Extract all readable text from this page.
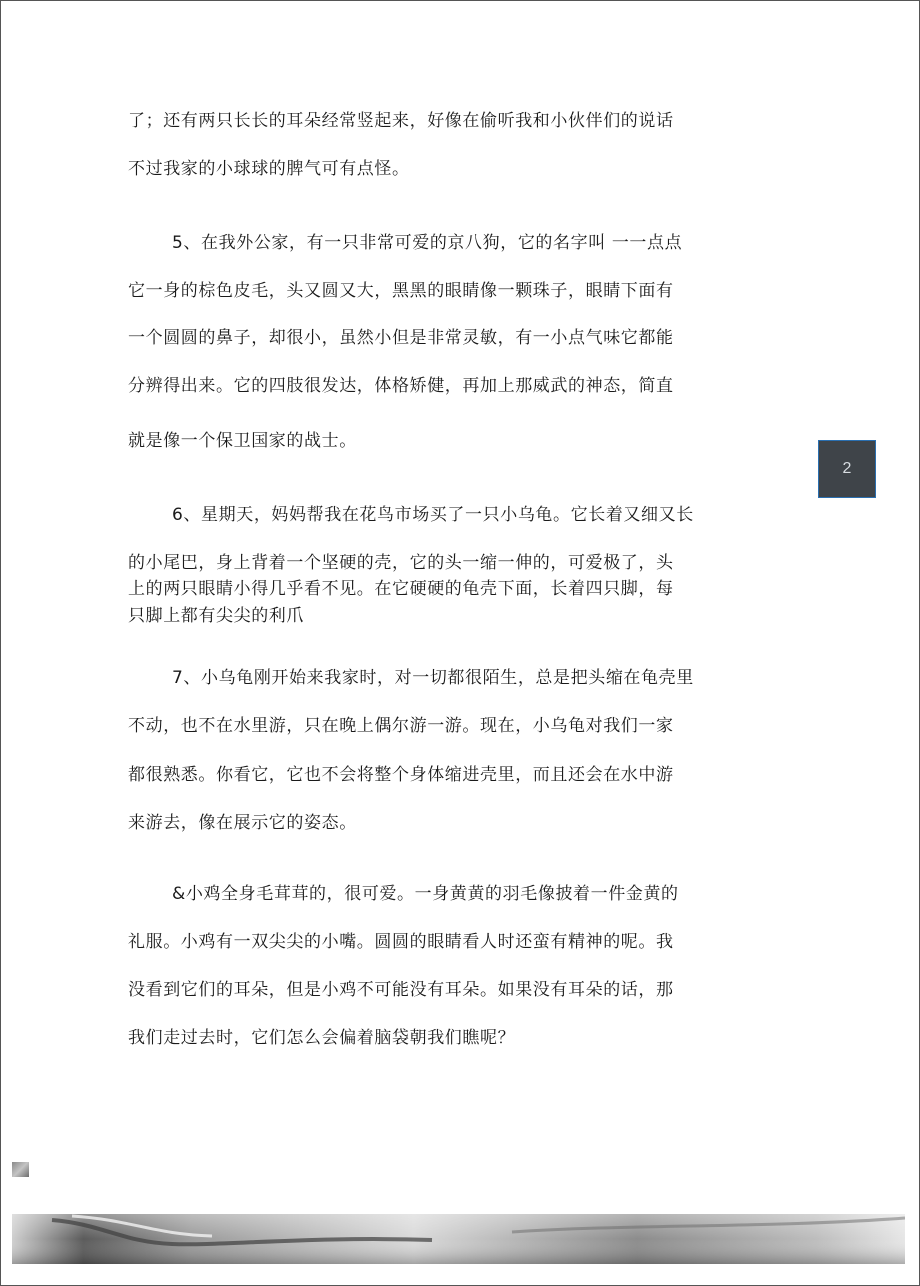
了；还有两只长长的耳朵经常竖起来，好像在偷听我和小伙伴们的说话
不过我家的小球球的脾气可有点怪。
5、在我外公家，有一只非常可爱的京八狗，它的名字叫 一一点点
它一身的棕色皮毛，头又圆又大，黑黑的眼睛像一颗珠子，眼睛下面有
一个圆圆的鼻子，却很小，虽然小但是非常灵敏，有一小点气味它都能
分辨得出来。它的四肢很发达，体格矫健，再加上那威武的神态，简直
就是像一个保卫国家的战士。
6、星期天，妈妈帮我在花鸟市场买了一只小乌龟。它长着又细又长
的小尾巴，身上背着一个坚硬的壳，它的头一缩一伸的，可爱极了，头
上的两只眼睛小得几乎看不见。在它硬硬的龟壳下面，长着四只脚，每
只脚上都有尖尖的利爪
7、小乌龟刚开始来我家时，对一切都很陌生，总是把头缩在龟壳里
不动，也不在水里游，只在晚上偶尔游一游。现在，小乌龟对我们一家
都很熟悉。你看它，它也不会将整个身体缩进壳里，而且还会在水中游
来游去，像在展示它的姿态。
&小鸡全身毛茸茸的，很可爱。一身黄黄的羽毛像披着一件金黄的
礼服。小鸡有一双尖尖的小嘴。圆圆的眼睛看人时还蛮有精神的呢。我
没看到它们的耳朵，但是小鸡不可能没有耳朵。如果没有耳朵的话，那
我们走过去时，它们怎么会偏着脑袋朝我们瞧呢？
2
